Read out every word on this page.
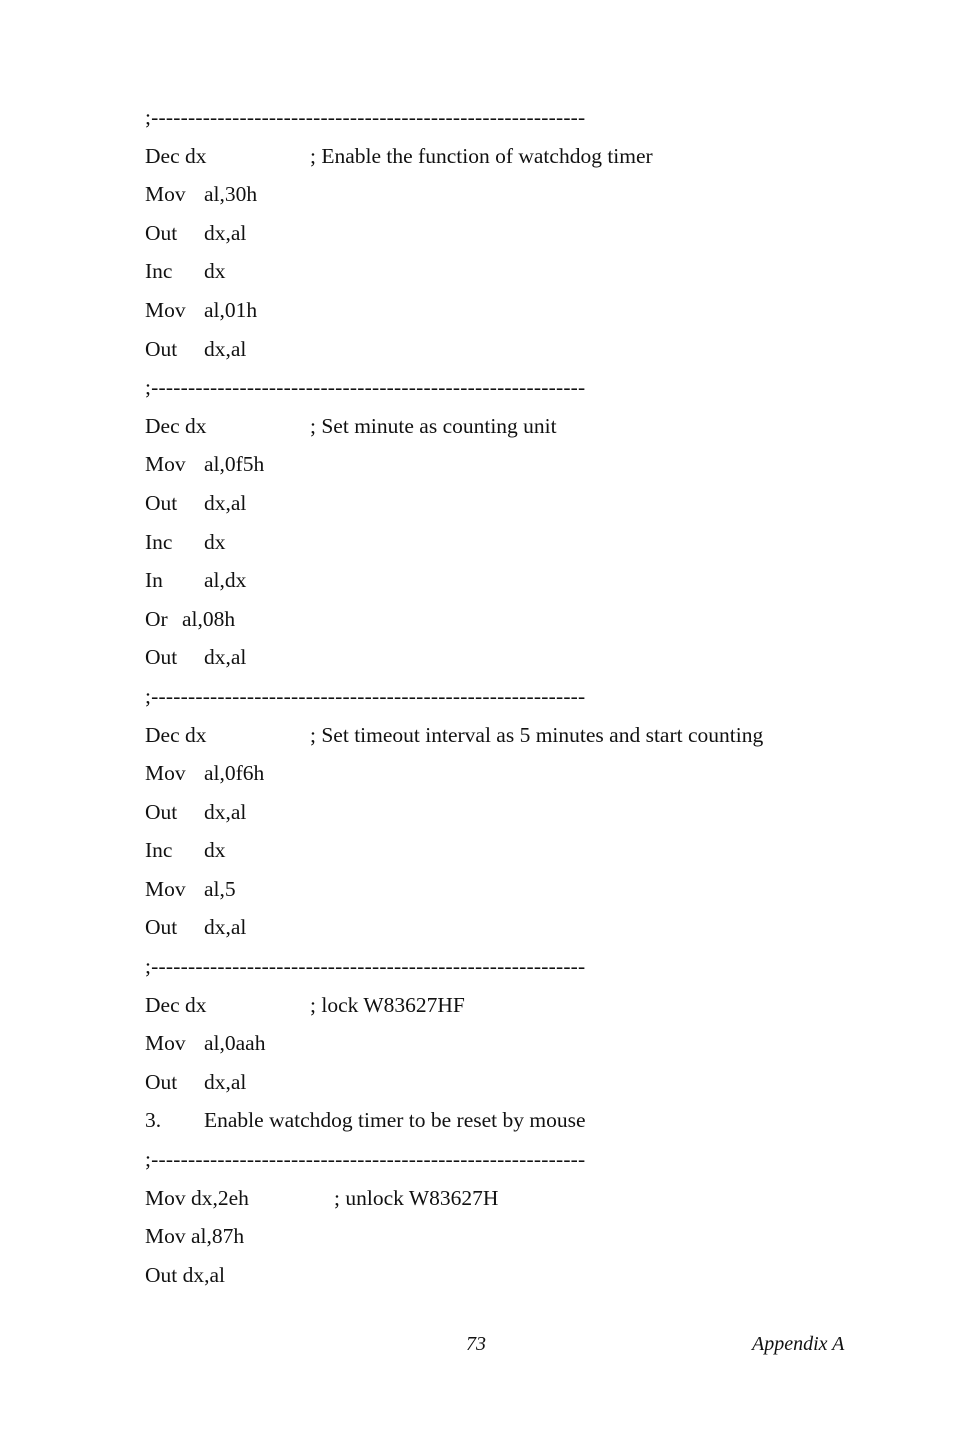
;-----------------------------------------------------------
Dec dx	; Enable the function of watchdog timer
Mov al,30h
Out dx,al
Inc dx
Mov al,01h
Out dx,al
;-----------------------------------------------------------
Dec dx	; Set minute as counting unit
Mov al,0f5h
Out dx,al
Inc dx
In al,dx
Or al,08h
Out dx,al
;-----------------------------------------------------------
Dec dx	; Set timeout interval as 5 minutes and start counting
Mov al,0f6h
Out dx,al
Inc dx
Mov al,5
Out dx,al
;-----------------------------------------------------------
Dec dx	; lock W83627HF
Mov al,0aah
Out dx,al
3. Enable watchdog timer to be reset by mouse
;-----------------------------------------------------------
Mov dx,2eh	; unlock W83627H
Mov al,87h
Out dx,al
73	Appendix A
